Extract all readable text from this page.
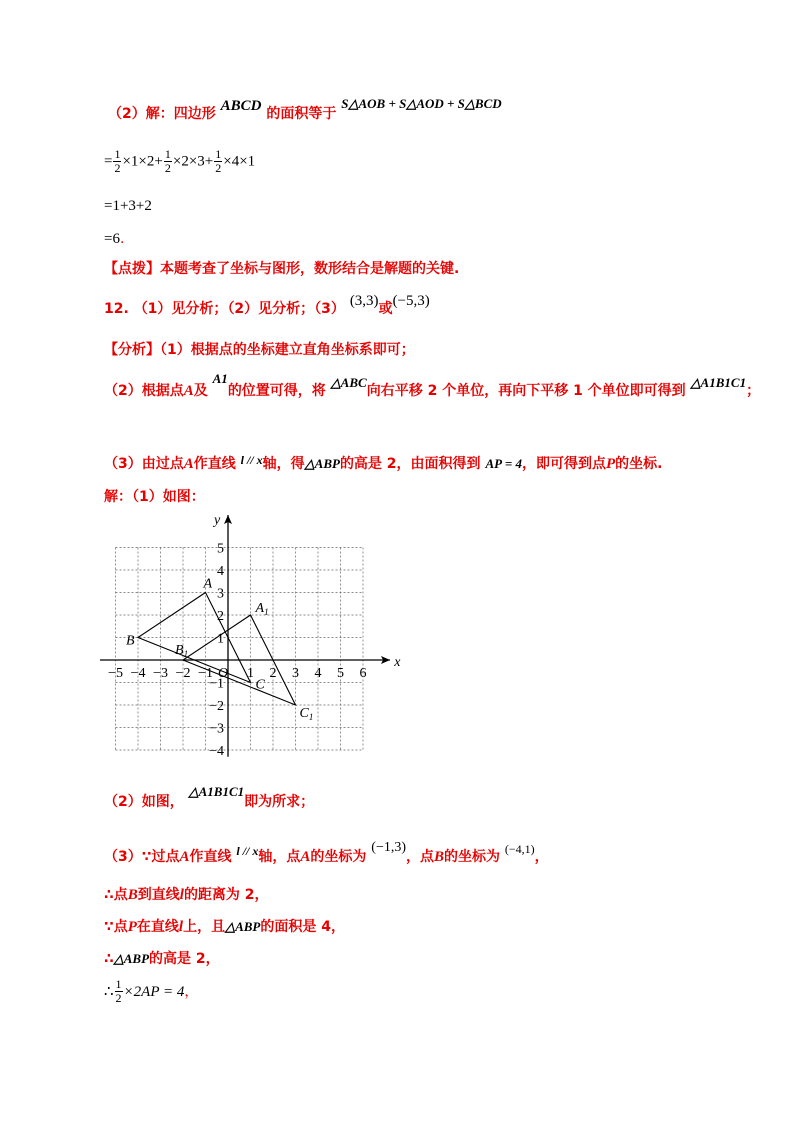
（2）解：四边形 ABCD 的面积等于 S△AOB + S△AOD + S△BCD
= $\frac{1}{2} \times 1\times 2+ \frac{1}{2} \times 2\times 3+ \frac{1}{2} \times 4\times 1$
=1+3+2
=6.
【点拨】本题考查了坐标与图形，数形结合是解题的关键.
12. （1）见分析；（2）见分析；（3） (3,3)或(−5,3)
【分析】（1）根据点的坐标建立直角坐标系即可；
（2）根据点A及 A1的位置可得，将 △ABC向右平移 2 个单位，再向下平移 1 个单位即可得到 △A1B1C1；
（3）由过点A作直线 l // x轴，得△ABP的高是 2，由面积得到 AP = 4，即可得到点P的坐标.
解：（1）如图：
x
y
−5 −4 −3 −2 −1 1 2 3 4 5 6
5
4
3
2
1
−1
−2
−3
−4
O
A
B
C
$A_1$
$B_1$
$C_1$
（2）如图， △A1B1C1即为所求；
（3）∵过点A作直线 l // x轴，点A的坐标为 (−1,3)，点B的坐标为 (−4,1)，
∴点B到直线l的距离为 2，
∵点P在直线l上，且△ABP的面积是 4，
∴△ABP的高是 2，
∴ $\frac{1}{2} \times 2AP = 4$，
